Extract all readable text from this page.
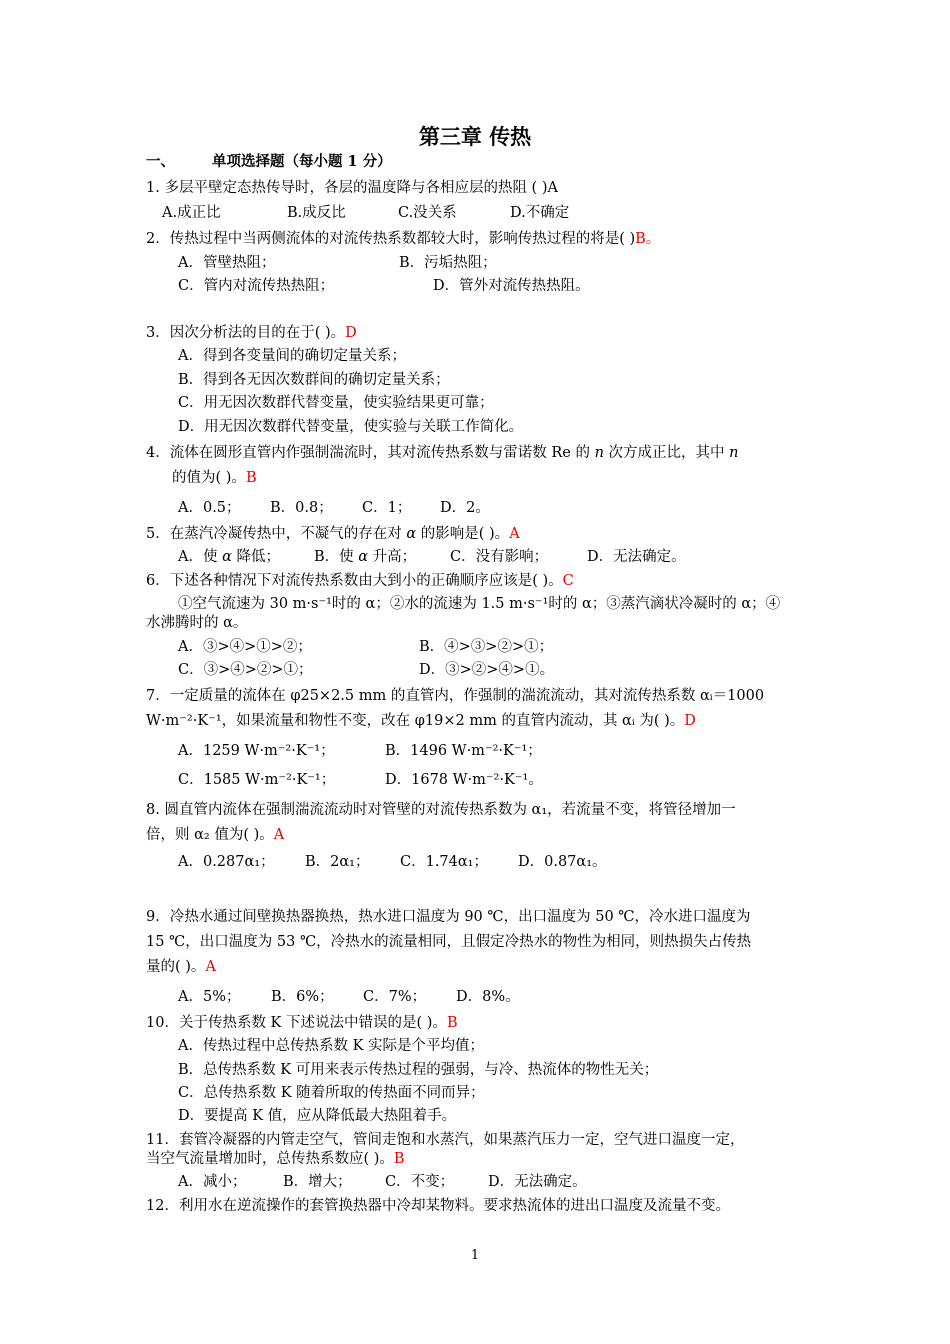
第三章 传热
一、	单项选择题（每小题 1 分）
1. 多层平壁定态热传导时，各层的温度降与各相应层的热阻 ( )A
A.成正比	B.成反比	C.没关系	D.不确定
2．传热过程中当两侧流体的对流传热系数都较大时，影响传热过程的将是( )B。
A．管壁热阻；	B．污垢热阻；
C．管内对流传热热阻；	D．管外对流传热热阻。
3．因次分析法的目的在于( )。D
A．得到各变量间的确切定量关系；
B．得到各无因次数群间的确切定量关系；
C．用无因次数群代替变量，使实验结果更可靠；
D．用无因次数群代替变量，使实验与关联工作简化。
4．流体在圆形直管内作强制湍流时，其对流传热系数与雷诺数 Re 的 n 次方成正比，其中 n
的值为( )。B
A．0.5； B．0.8； C．1； D．2。
5．在蒸汽冷凝传热中，不凝气的存在对 α 的影响是( )。A
A．使 α 降低； B．使 α 升高； C．没有影响；	D．无法确定。
6．下述各种情况下对流传热系数由大到小的正确顺序应该是( )。C
①空气流速为 30 m·s⁻¹时的 α；②水的流速为 1.5 m·s⁻¹时的 α；③蒸汽滴状冷凝时的 α；④
水沸腾时的 α。
A．③>④>①>②；	B．④>③>②>①；
C．③>④>②>①；	D．③>②>④>①。
7．一定质量的流体在 φ25×2.5 mm 的直管内，作强制的湍流流动，其对流传热系数 αᵢ＝1000
W·m⁻²·K⁻¹，如果流量和物性不变，改在 φ19×2 mm 的直管内流动，其 αᵢ 为( )。D
A．1259 W·m⁻²·K⁻¹；	B．1496 W·m⁻²·K⁻¹；
C．1585 W·m⁻²·K⁻¹；	D．1678 W·m⁻²·K⁻¹。
8. 圆直管内流体在强制湍流流动时对管壁的对流传热系数为 α₁，若流量不变，将管径增加一
倍，则 α₂ 值为( )。A
A．0.287α₁； B．2α₁； C．1.74α₁； D．0.87α₁。
9．冷热水通过间壁换热器换热，热水进口温度为 90 ℃，出口温度为 50 ℃，冷水进口温度为
15 ℃，出口温度为 53 ℃，冷热水的流量相同，且假定冷热水的物性为相同，则热损失占传热
量的( )。A
A．5%； B．6%； C．7%； D．8%。
10．关于传热系数 K 下述说法中错误的是( )。B
A．传热过程中总传热系数 K 实际是个平均值；
B．总传热系数 K 可用来表示传热过程的强弱，与冷、热流体的物性无关；
C．总传热系数 K 随着所取的传热面不同而异；
D．要提高 K 值，应从降低最大热阻着手。
11．套管冷凝器的内管走空气，管间走饱和水蒸汽，如果蒸汽压力一定，空气进口温度一定，
当空气流量增加时，总传热系数应( )。B
A．减小；	B．增大； C．不变； D．无法确定。
12．利用水在逆流操作的套管换热器中冷却某物料。要求热流体的进出口温度及流量不变。
1
